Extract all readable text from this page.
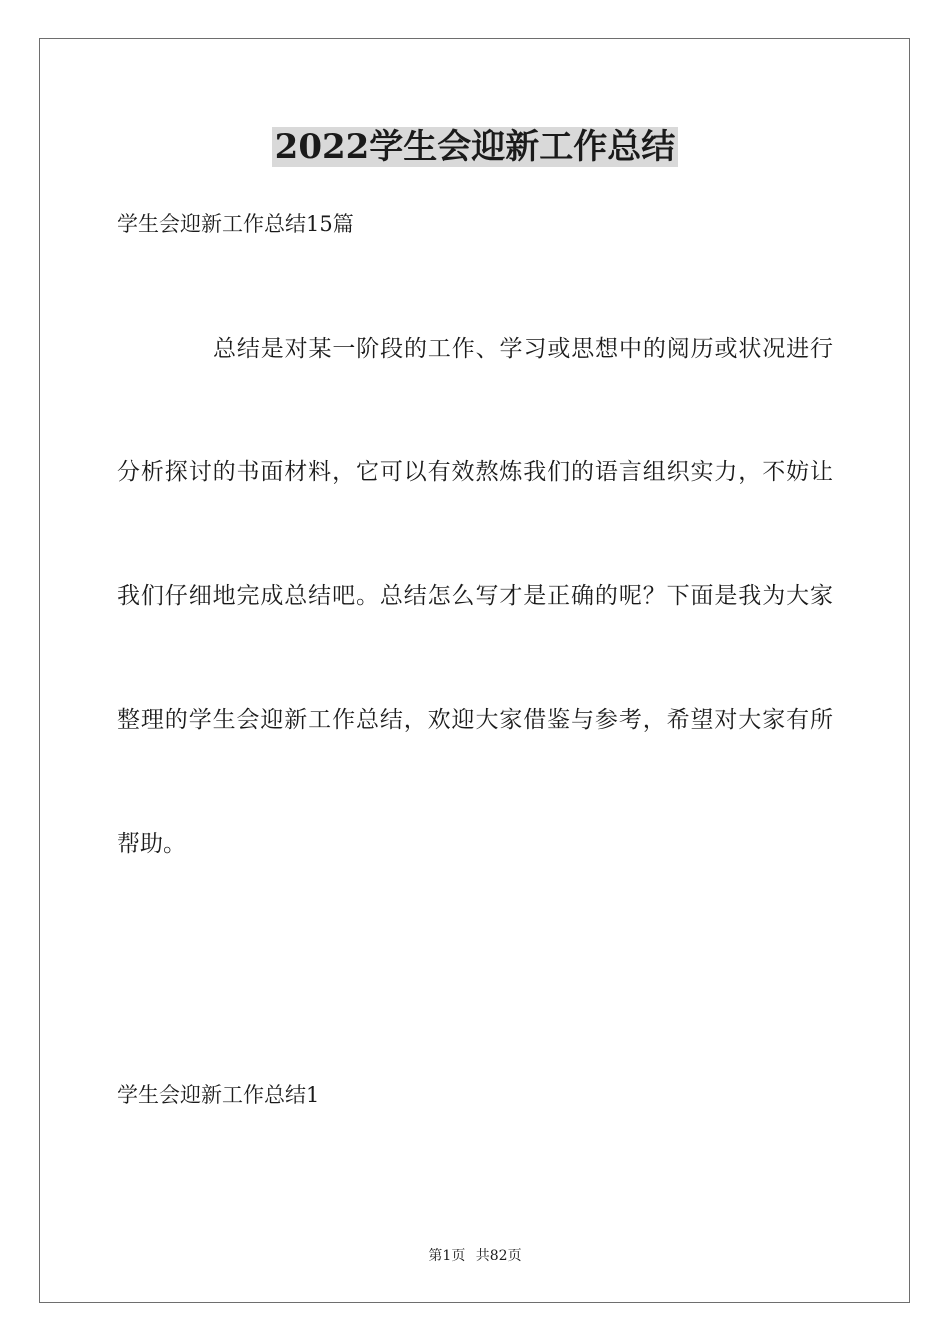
2022学生会迎新工作总结
学生会迎新工作总结15篇
总结是对某一阶段的工作、学习或思想中的阅历或状况进行
分析探讨的书面材料，它可以有效熬炼我们的语言组织实力，不妨让
我们仔细地完成总结吧。总结怎么写才是正确的呢？下面是我为大家
整理的学生会迎新工作总结，欢迎大家借鉴与参考，希望对大家有所
帮助。
学生会迎新工作总结1
第1页 共82页
